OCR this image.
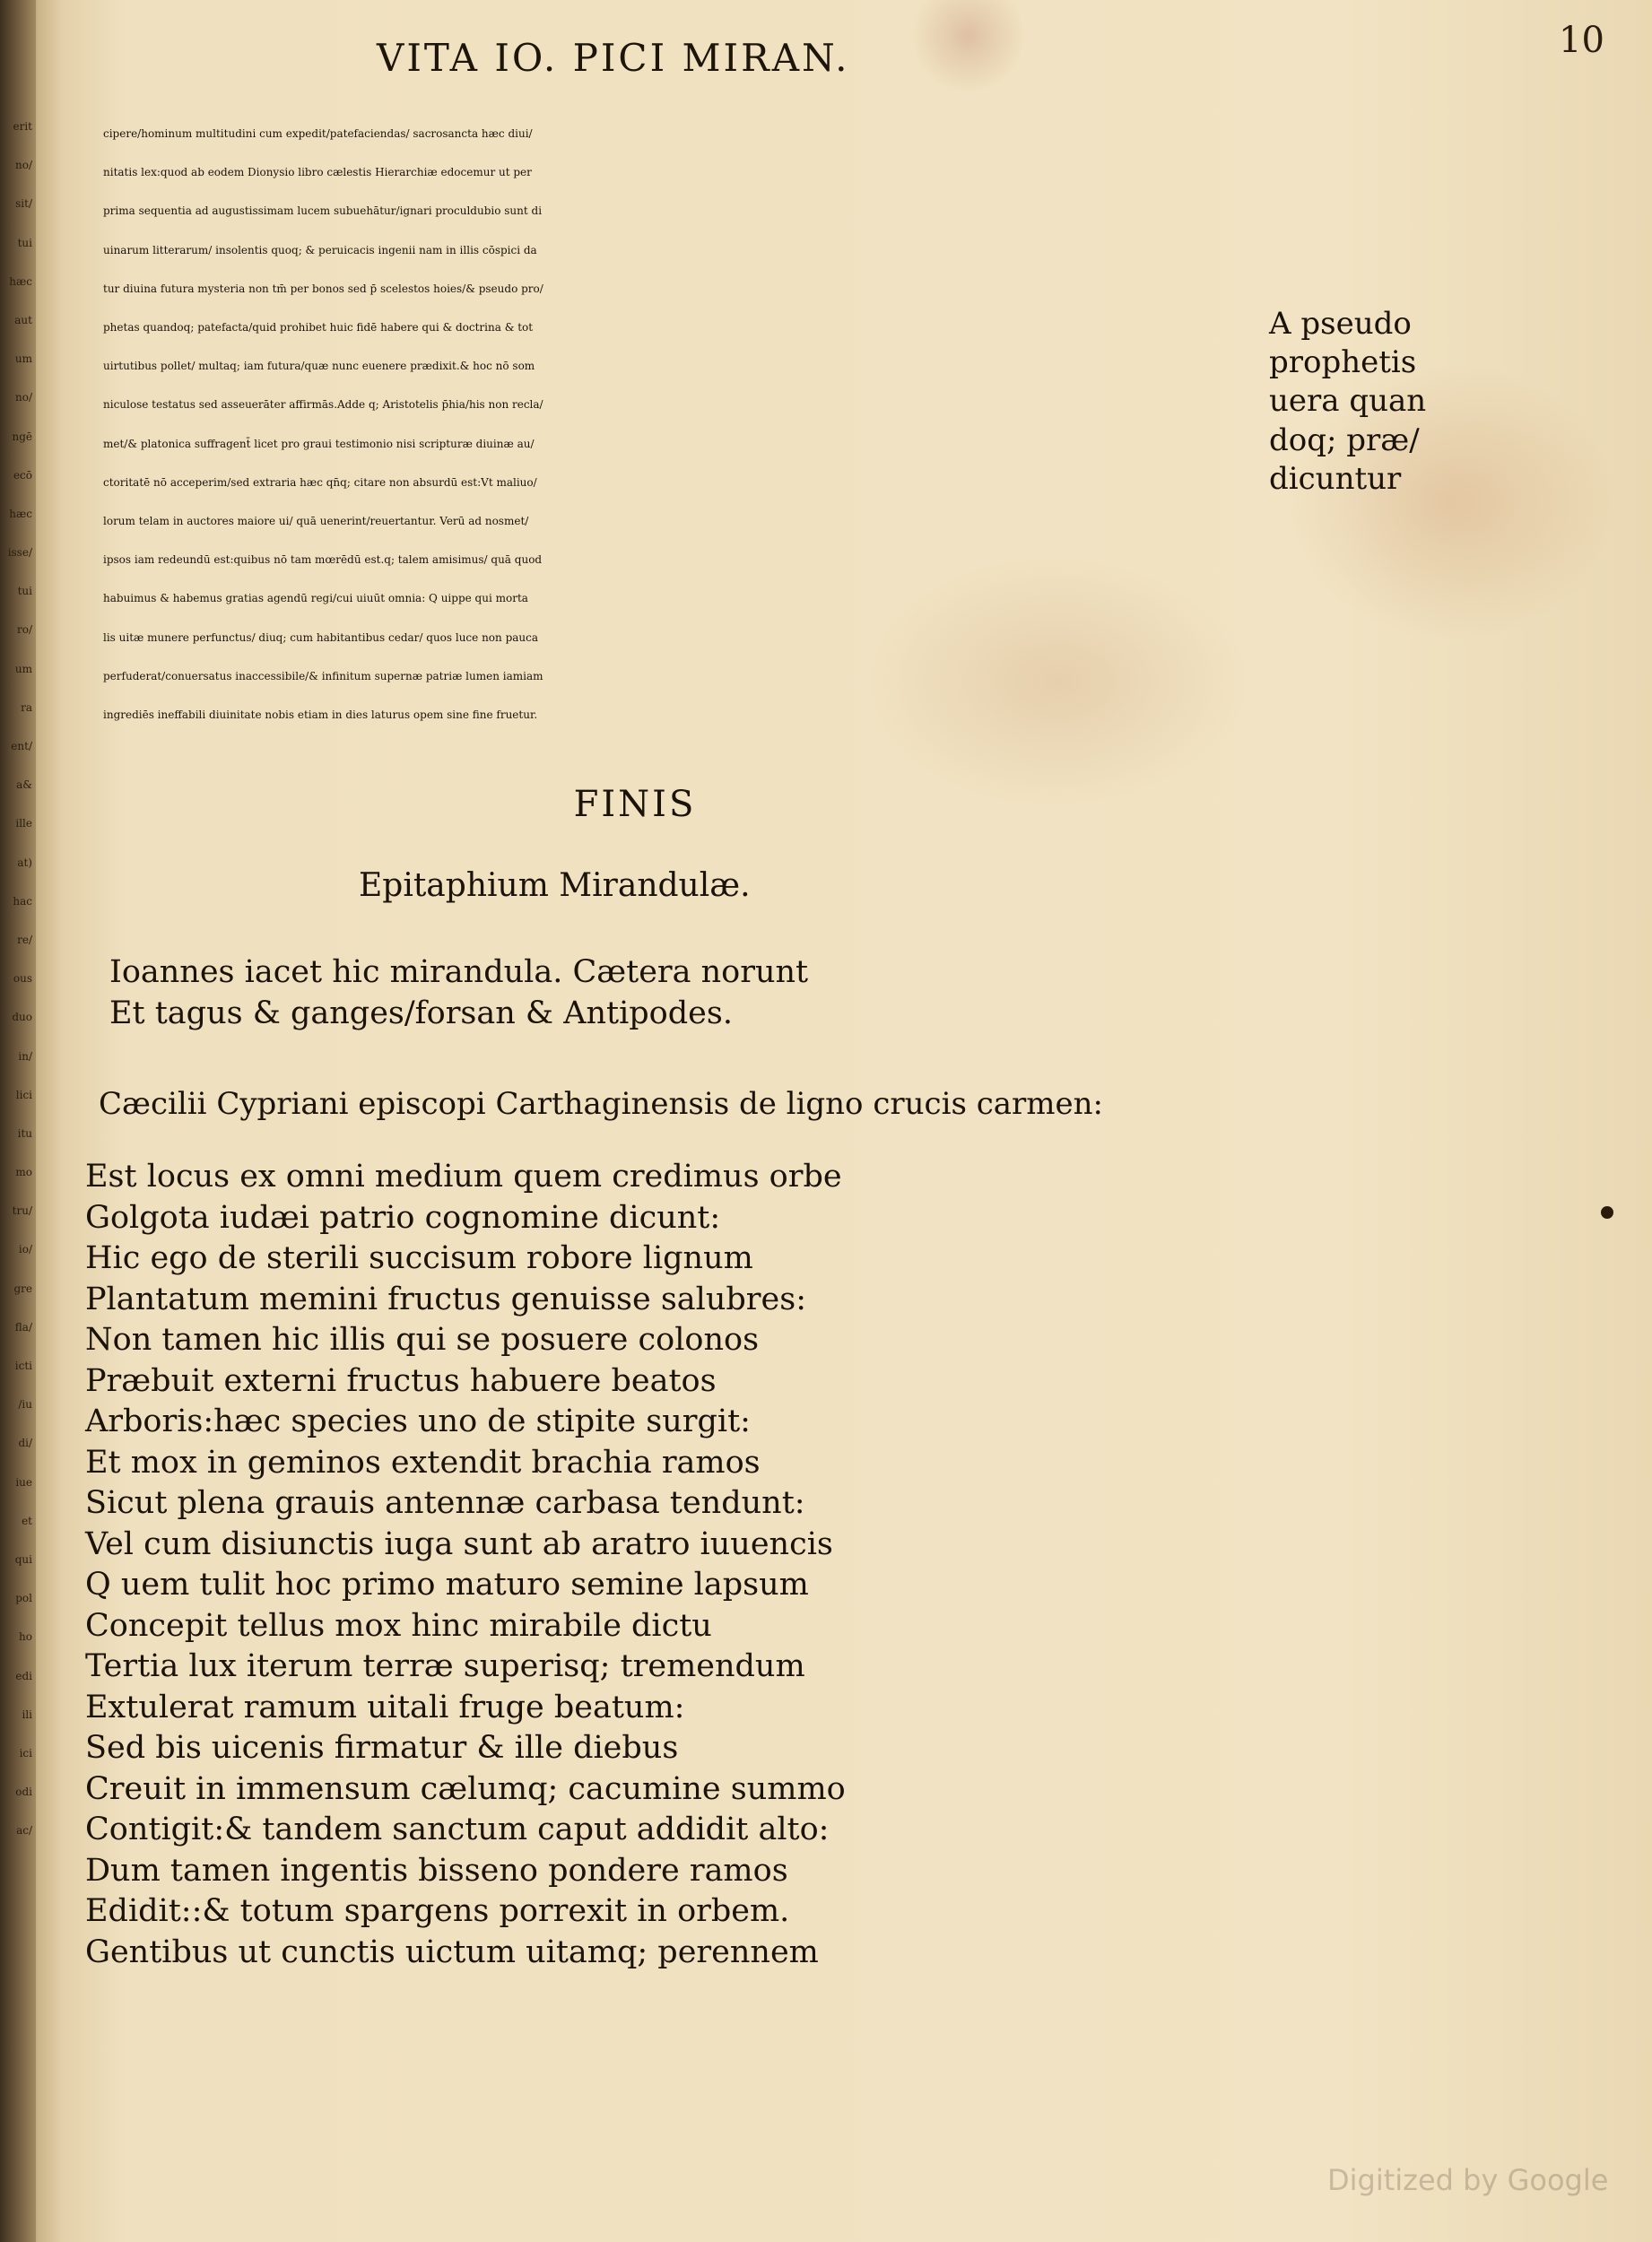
erit
no/
sit/
tui
hæc
aut
um
no/
ngē
ecō
hæc
isse/
tui
ro/
um
ra
ent/
a&
ille
at)
hac
re/
ous
duo
in/
lici
itu
mo
tru/
io/
gre
fla/
icti
/iu
di/
iue
et
qui
pol
ho
edi
ili
ici
odi
ac/
VITA IO. PICI MIRAN.	10

cipere/hominum multitudini cum expedit/patefaciendas/ sacrosancta hæc diui/
nitatis lex:quod ab eodem Dionysio libro cælestis Hierarchiæ edocemur ut per
prima sequentia ad augustissimam lucem subuehātur/ignari proculdubio sunt di
uinarum litterarum/ insolentis quoq; & peruicacis ingenii nam in illis cōspici da
tur diuina futura mysteria non tm̄ per bonos sed p̄ scelestos hoies/& pseudo pro/
phetas quandoq; patefacta/quid prohibet huic fidē habere qui & doctrina & tot
uirtutibus pollet/ multaq; iam futura/quæ nunc euenere prædixit.& hoc nō som
niculose testatus sed asseuerāter affirmās.Adde q; Aristotelis p̄hia/his non recla/
met/& platonica suffragent̄ licet pro graui testimonio nisi scripturæ diuinæ au/
ctoritatē nō acceperim/sed extraria hæc qn̄q; citare non absurdū est:Vt maliuo/
lorum telam in auctores maiore ui/ quā uenerint/reuertantur. Verū ad nosmet/
ipsos iam redeundū est:quibus nō tam mœrēdū est.q; talem amisimus/ quā quod
habuimus & habemus gratias agendū regi/cui uiuūt omnia: Q uippe qui morta
lis uitæ munere perfunctus/ diuq; cum habitantibus cedar/ quos luce non pauca
perfuderat/conuersatus inaccessibile/& infinitum supernæ patriæ lumen iamiam
ingrediēs ineffabili diuinitate nobis etiam in dies laturus opem sine fine fruetur.

A pseudo
prophetis
uera quan
doq; præ/
dicuntur
FINIS
Epitaphium Mirandulæ.
Ioannes iacet hic mirandula. Cætera norunt
Et tagus & ganges/forsan & Antipodes.
Cæcilii Cypriani episcopi Carthaginensis de ligno crucis carmen:
Est locus ex omni medium quem credimus orbe
Golgota iudæi patrio cognomine dicunt:
Hic ego de sterili succisum robore lignum
Plantatum memini fructus genuisse salubres:
Non tamen hic illis qui se posuere colonos
Præbuit externi fructus habuere beatos
Arboris:hæc species uno de stipite surgit:
Et mox in geminos extendit brachia ramos
Sicut plena grauis antennæ carbasa tendunt:
Vel cum disiunctis iuga sunt ab aratro iuuencis
Q uem tulit hoc primo maturo semine lapsum
Concepit tellus mox hinc mirabile dictu
Tertia lux iterum terræ superisq; tremendum
Extulerat ramum uitali fruge beatum:
Sed bis uicenis firmatur & ille diebus
Creuit in immensum cælumq; cacumine summo
Contigit:& tandem sanctum caput addidit alto:
Dum tamen ingentis bisseno pondere ramos
Edidit::& totum spargens porrexit in orbem.
Gentibus ut cunctis uictum uitamq; perennem
Digitized by Google
